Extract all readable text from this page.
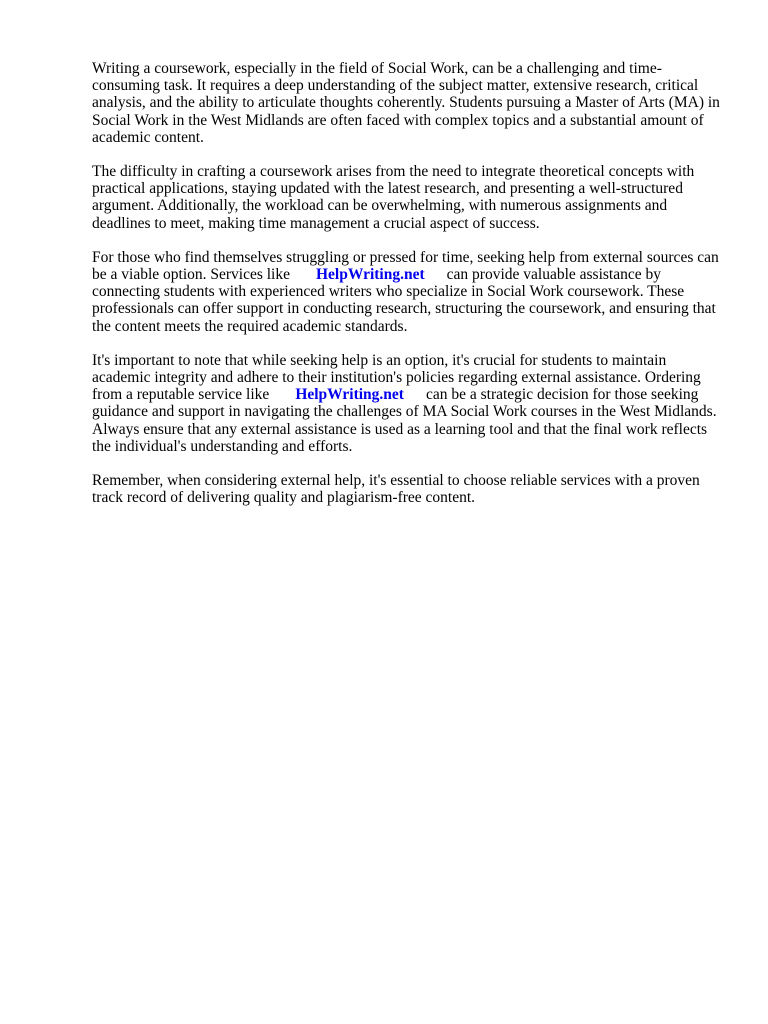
Writing a coursework, especially in the field of Social Work, can be a challenging and time-
consuming task. It requires a deep understanding of the subject matter, extensive research, critical
analysis, and the ability to articulate thoughts coherently. Students pursuing a Master of Arts (MA) in
Social Work in the West Midlands are often faced with complex topics and a substantial amount of
academic content.

The difficulty in crafting a coursework arises from the need to integrate theoretical concepts with
practical applications, staying updated with the latest research, and presenting a well-structured
argument. Additionally, the workload can be overwhelming, with numerous assignments and
deadlines to meet, making time management a crucial aspect of success.

For those who find themselves struggling or pressed for time, seeking help from external sources can
be a viable option. Services like HelpWriting.net can provide valuable assistance by
connecting students with experienced writers who specialize in Social Work coursework. These
professionals can offer support in conducting research, structuring the coursework, and ensuring that
the content meets the required academic standards.

It's important to note that while seeking help is an option, it's crucial for students to maintain
academic integrity and adhere to their institution's policies regarding external assistance. Ordering
from a reputable service like HelpWriting.net can be a strategic decision for those seeking
guidance and support in navigating the challenges of MA Social Work courses in the West Midlands.
Always ensure that any external assistance is used as a learning tool and that the final work reflects
the individual's understanding and efforts.

Remember, when considering external help, it's essential to choose reliable services with a proven
track record of delivering quality and plagiarism-free content.
